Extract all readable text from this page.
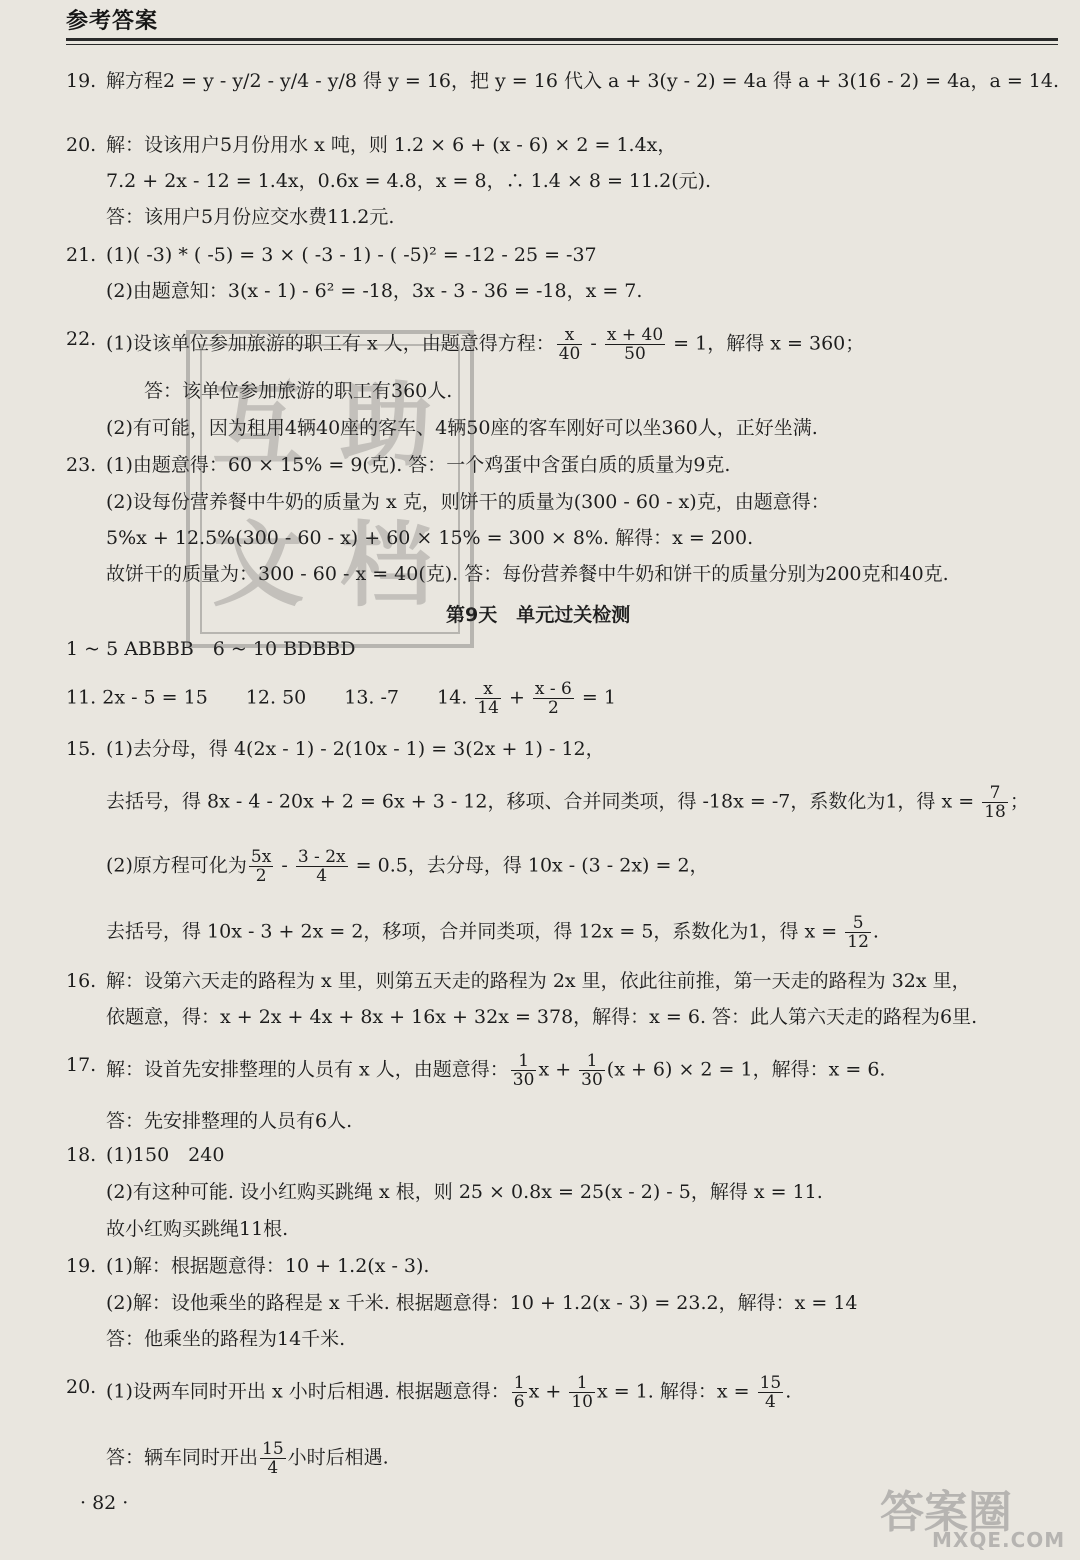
参考答案
19. 解方程2 = y - y/2 - y/4 - y/8 得 y = 16，把 y = 16 代入 a + 3(y - 2) = 4a 得 a + 3(16 - 2) = 4a，a = 14.
20. 解：设该用户5月份用水 x 吨，则 1.2 × 6 + (x - 6) × 2 = 1.4x，
7.2 + 2x - 12 = 1.4x，0.6x = 4.8，x = 8，∴ 1.4 × 8 = 11.2(元).
答：该用户5月份应交水费11.2元.
21. (1)( -3) * ( -5) = 3 × ( -3 - 1) - ( -5)² = -12 - 25 = -37
(2)由题意知：3(x - 1) - 6² = -18，3x - 3 - 36 = -18，x = 7.
22. (1)设该单位参加旅游的职工有 x 人，由题意得方程： $\frac{x}{40} - \frac{x + 40}{50} = 1$，解得 x = 360；
答：该单位参加旅游的职工有360人.
(2)有可能，因为租用4辆40座的客车、4辆50座的客车刚好可以坐360人，正好坐满.
23. (1)由题意得：60 × 15% = 9(克). 答：一个鸡蛋中含蛋白质的质量为9克.
(2)设每份营养餐中牛奶的质量为 x 克，则饼干的质量为(300 - 60 - x)克，由题意得：
5%x + 12.5%(300 - 60 - x) + 60 × 15% = 300 × 8%. 解得：x = 200.
故饼干的质量为：300 - 60 - x = 40(克). 答：每份营养餐中牛奶和饼干的质量分别为200克和40克.
第9天　单元过关检测
1 ~ 5 ABBBB　6 ~ 10 BDBBD
11. 2x - 5 = 15　　12. 50　　13. -7　　14. $\frac{x}{14} + \frac{x - 6}{2} = 1$
15. (1)去分母，得 4(2x - 1) - 2(10x - 1) = 3(2x + 1) - 12，
去括号，得 8x - 4 - 20x + 2 = 6x + 3 - 12，移项、合并同类项，得 -18x = -7，系数化为1，得 $x = \frac{7}{18}$ ；
(2)原方程可化为 $\frac{5x}{2} - \frac{3 - 2x}{4} = 0.5$，去分母，得 10x - (3 - 2x) = 2，
去括号，得 10x - 3 + 2x = 2，移项，合并同类项，得 12x = 5，系数化为1，得 $x = \frac{5}{12}$ .
16. 解：设第六天走的路程为 x 里，则第五天走的路程为 2x 里，依此往前推，第一天走的路程为 32x 里，
依题意，得：x + 2x + 4x + 8x + 16x + 32x = 378，解得：x = 6. 答：此人第六天走的路程为6里.
17. 解：设首先安排整理的人员有 x 人，由题意得： $\frac{1}{30}$ $x + \frac{1}{30} (x + 6) \times 2 = 1$，解得：x = 6.
答：先安排整理的人员有6人.
18. (1)150　240
(2)有这种可能. 设小红购买跳绳 x 根，则 25 × 0.8x = 25(x - 2) - 5，解得 x = 11.
故小红购买跳绳11根.
19. (1)解：根据题意得：10 + 1.2(x - 3).
(2)解：设他乘坐的路程是 x 千米. 根据题意得：10 + 1.2(x - 3) = 23.2，解得：x = 14
答：他乘坐的路程为14千米.
20. (1)设两车同时开出 x 小时后相遇. 根据题意得： $\frac{1}{6}$ $x + \frac{1}{10}$ x = 1. 解得：$x = \frac{15}{4}$ .
答：辆车同时开出 $\frac{15}{4}$ 小时后相遇.
互 助
文 档
· 82 ·	答案圈
MXQE.COM
